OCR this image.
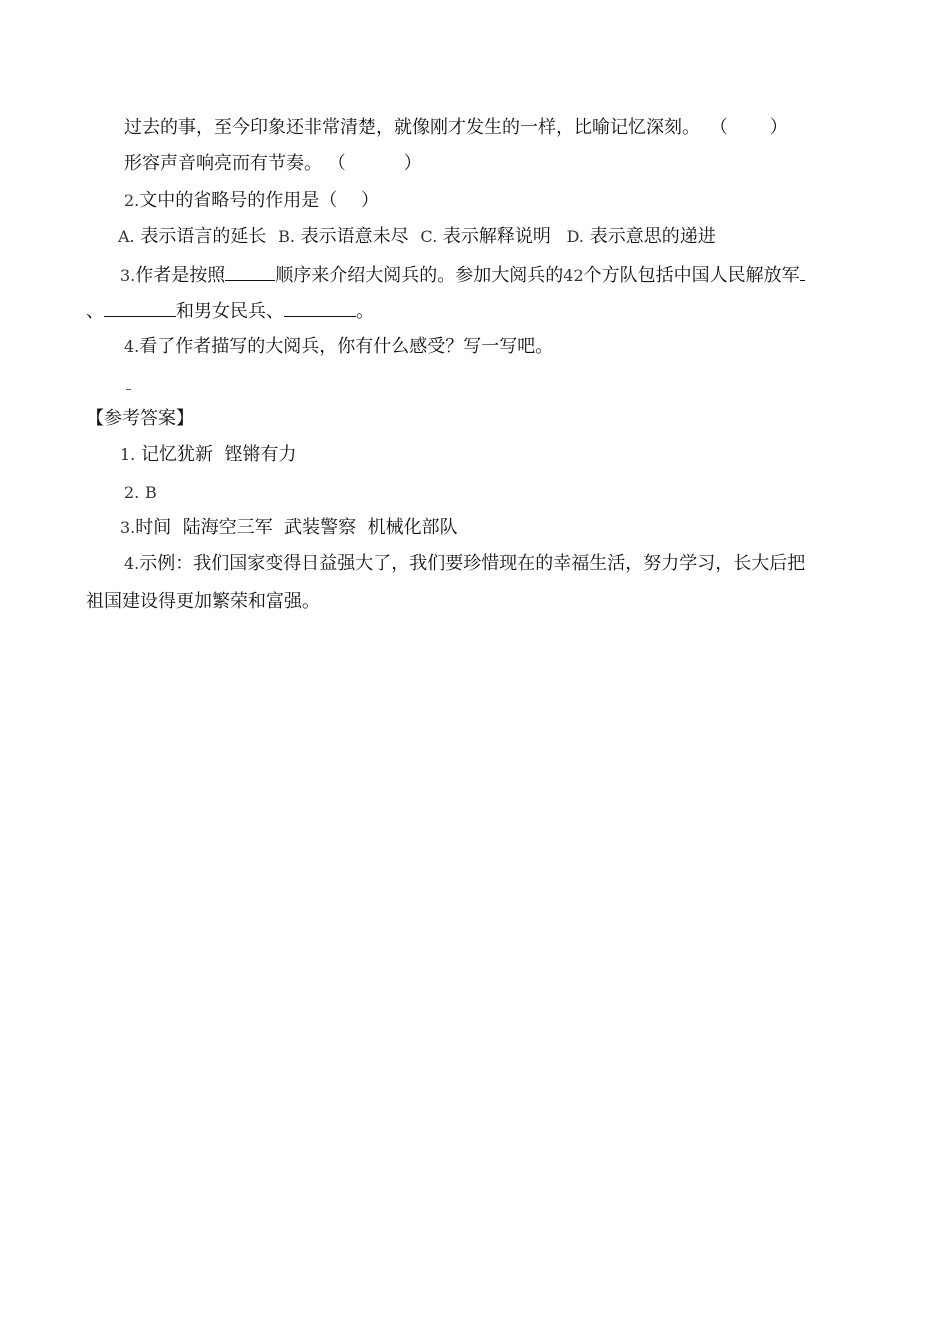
过去的事，至今印象还非常清楚，就像刚才发生的一样，比喻记忆深刻。 （ ）
形容声音响亮而有节奏。 （	）
2.文中的省略号的作用是（　 ）
A. 表示语言的延长 B. 表示语意未尽 C. 表示解释说明 D. 表示意思的递进
3.作者是按照	顺序来介绍大阅兵的。参加大阅兵的42个方队包括中国人民解放军
、	和男女民兵、	。
4.看了作者描写的大阅兵，你有什么感受？写一写吧。
【参考答案】
1. 记忆犹新  铿锵有力
2. B
3.时间  陆海空三军  武装警察  机械化部队
4.示例：我们国家变得日益强大了，我们要珍惜现在的幸福生活，努力学习，长大后把
祖国建设得更加繁荣和富强。
